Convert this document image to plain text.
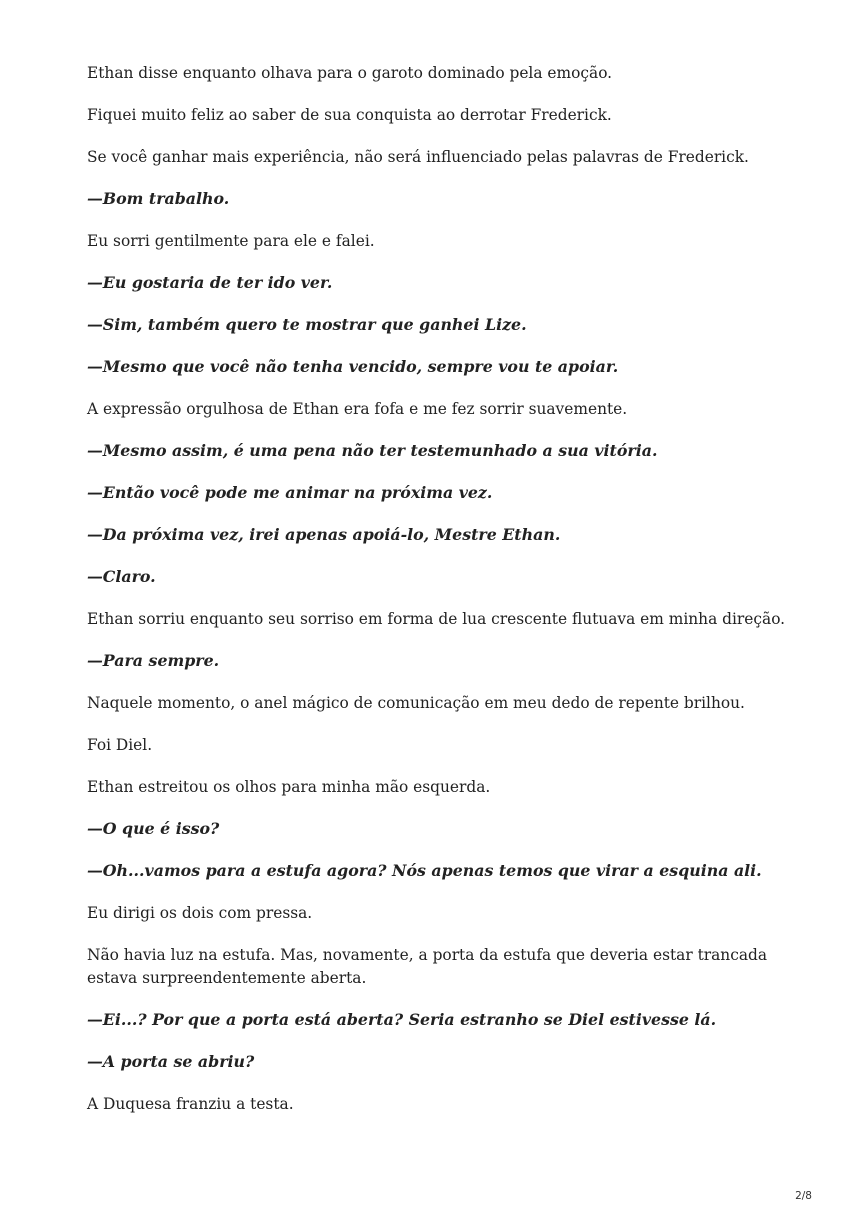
Ethan disse enquanto olhava para o garoto dominado pela emoção.

Fiquei muito feliz ao saber de sua conquista ao derrotar Frederick.

Se você ganhar mais experiência, não será influenciado pelas palavras de Frederick.

—Bom trabalho.

Eu sorri gentilmente para ele e falei.

—Eu gostaria de ter ido ver.

—Sim, também quero te mostrar que ganhei Lize.

—Mesmo que você não tenha vencido, sempre vou te apoiar.

A expressão orgulhosa de Ethan era fofa e me fez sorrir suavemente.

—Mesmo assim, é uma pena não ter testemunhado a sua vitória.

—Então você pode me animar na próxima vez.

—Da próxima vez, irei apenas apoiá-lo, Mestre Ethan.

—Claro.

Ethan sorriu enquanto seu sorriso em forma de lua crescente flutuava em minha direção.

—Para sempre.

Naquele momento, o anel mágico de comunicação em meu dedo de repente brilhou.

Foi Diel.

Ethan estreitou os olhos para minha mão esquerda.

—O que é isso?

—Oh...vamos para a estufa agora? Nós apenas temos que virar a esquina ali.

Eu dirigi os dois com pressa.

Não havia luz na estufa. Mas, novamente, a porta da estufa que deveria estar trancada estava surpreendentemente aberta.

—Ei...? Por que a porta está aberta? Seria estranho se Diel estivesse lá.

—A porta se abriu?

A Duquesa franziu a testa.

2/8
